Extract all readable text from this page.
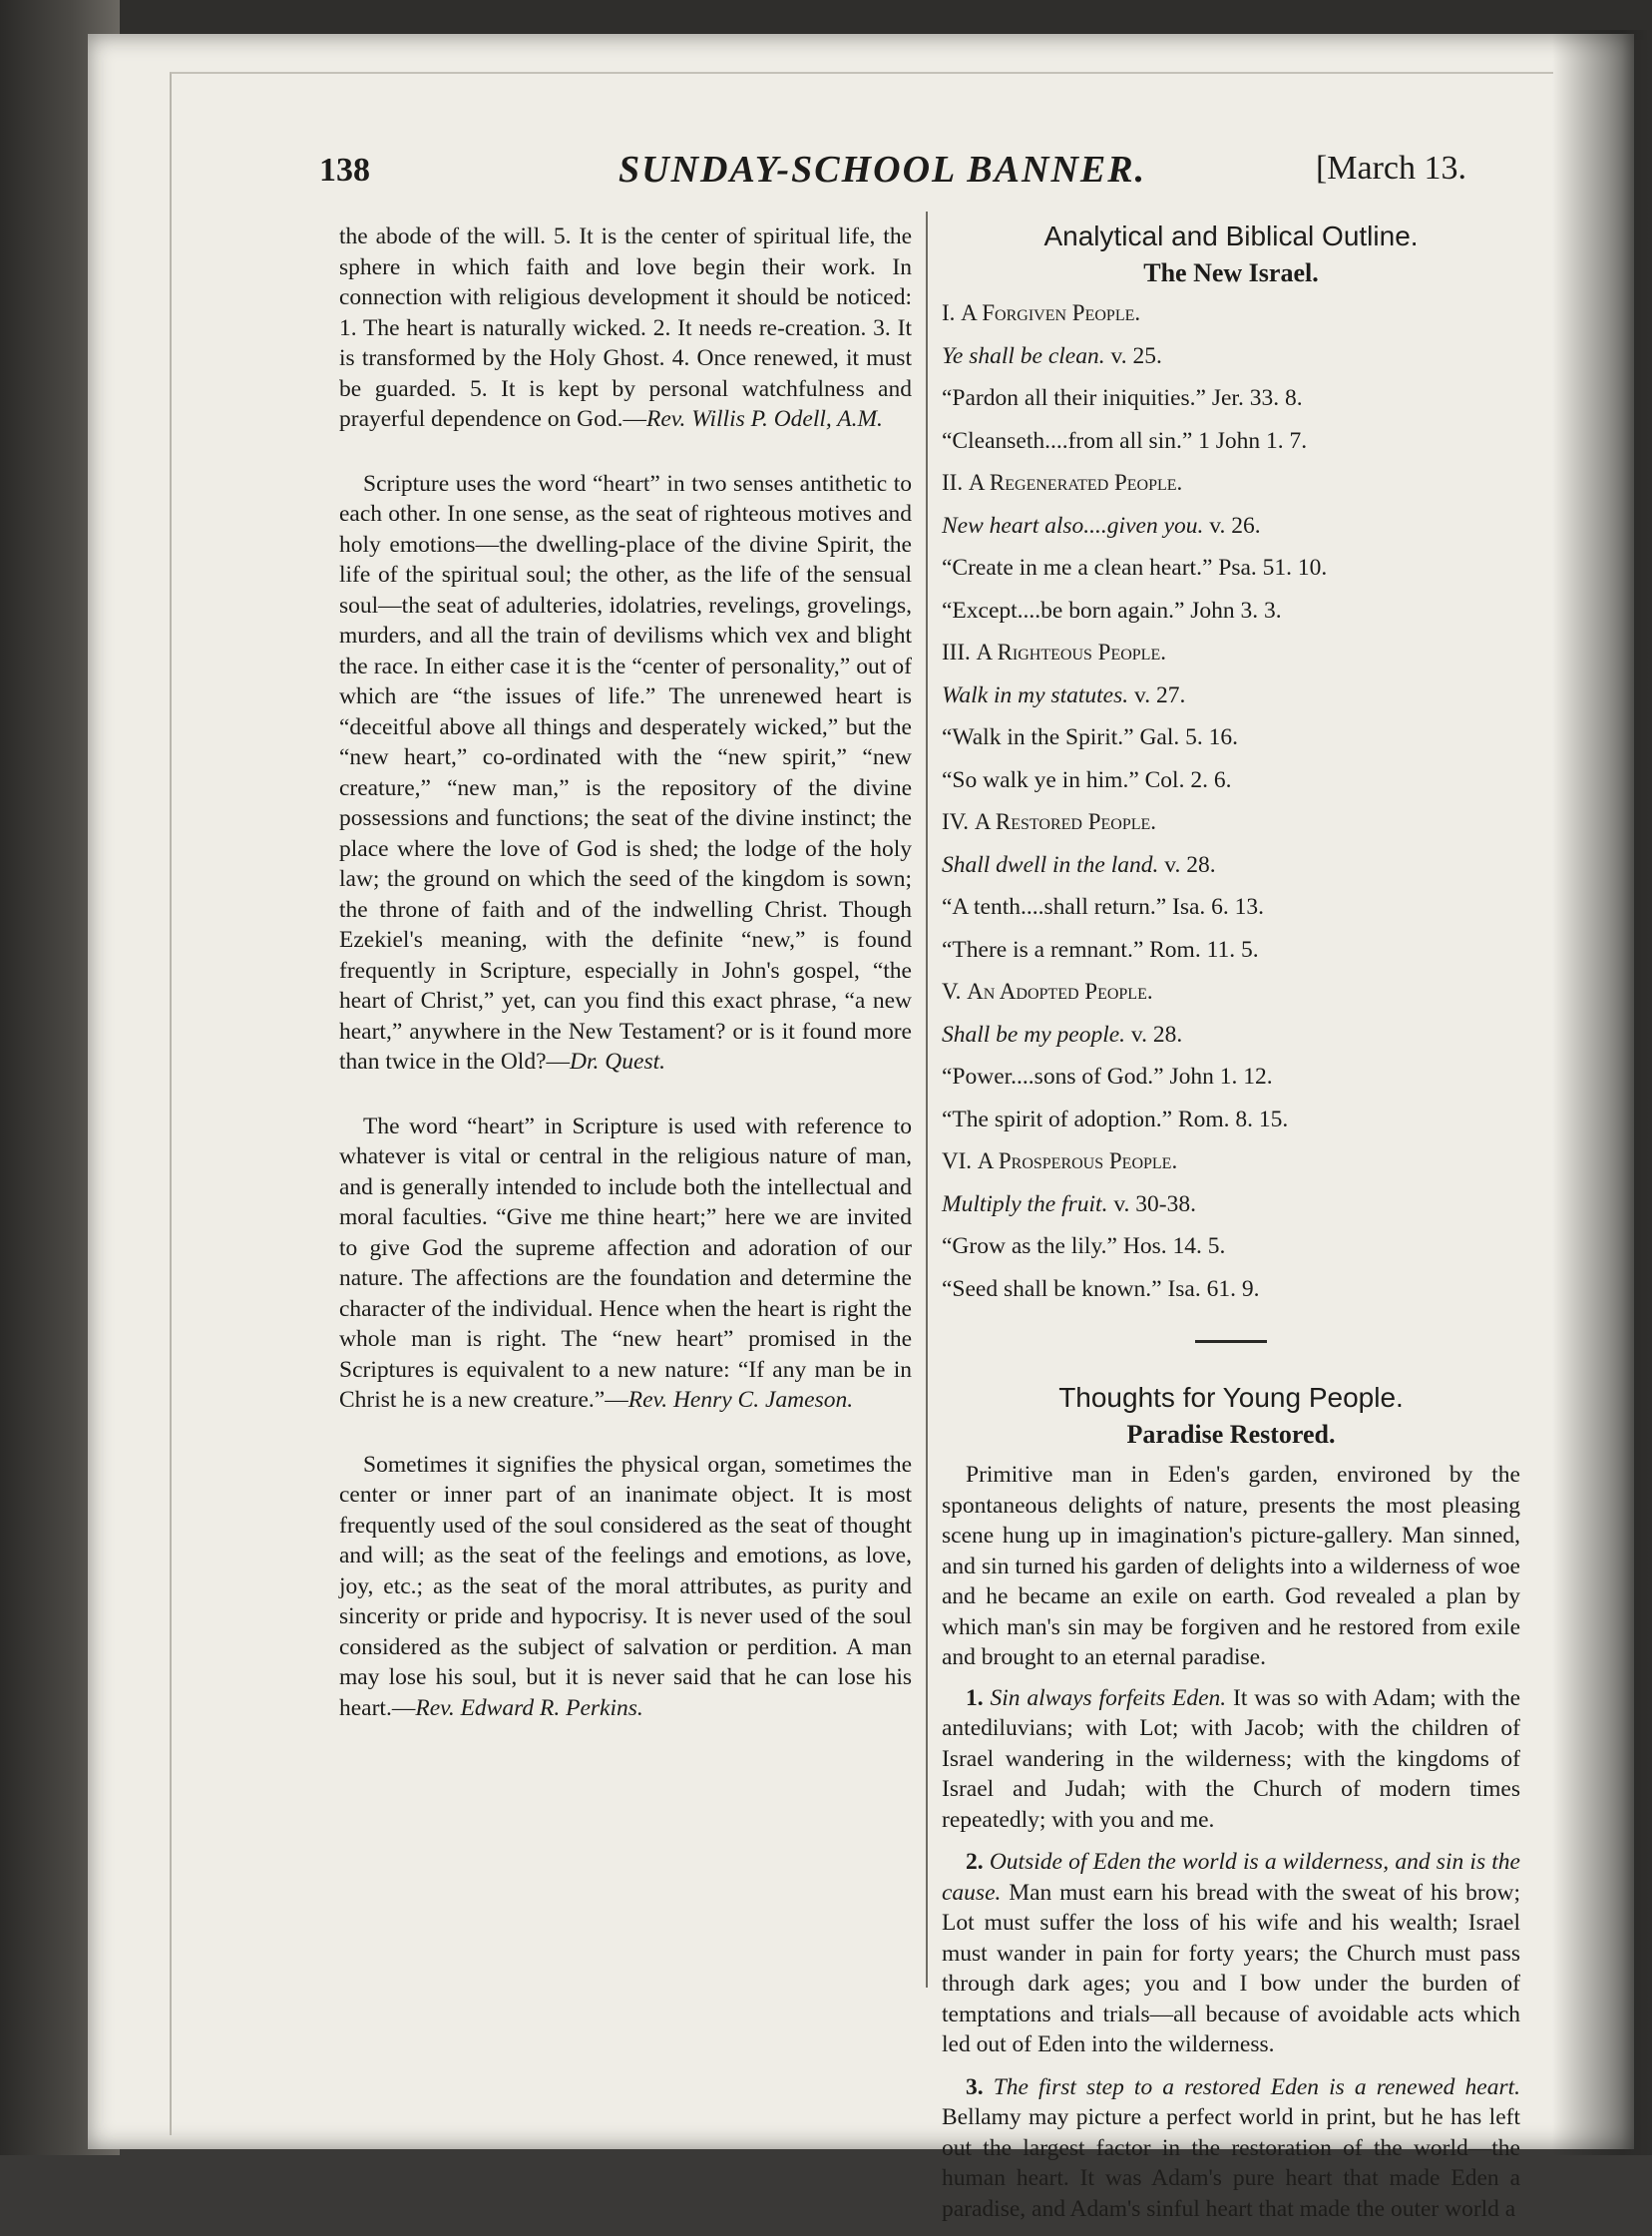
138	SUNDAY-SCHOOL BANNER.	[March 13.

the abode of the will. 5. It is the center of spiritual life, the sphere in which faith and love begin their work. In connection with religious development it should be noticed: 1. The heart is naturally wicked. 2. It needs re-creation. 3. It is transformed by the Holy Ghost. 4. Once renewed, it must be guarded. 5. It is kept by personal watchfulness and prayerful dependence on God.—Rev. Willis P. Odell, A.M.

Scripture uses the word “heart” in two senses antithetic to each other. In one sense, as the seat of righteous motives and holy emotions—the dwelling-place of the divine Spirit, the life of the spiritual soul; the other, as the life of the sensual soul—the seat of adulteries, idolatries, revelings, grovelings, murders, and all the train of devilisms which vex and blight the race. In either case it is the “center of personality,” out of which are “the issues of life.” The unrenewed heart is “deceitful above all things and desperately wicked,” but the “new heart,” co-ordinated with the “new spirit,” “new creature,” “new man,” is the repository of the divine possessions and functions; the seat of the divine instinct; the place where the love of God is shed; the lodge of the holy law; the ground on which the seed of the kingdom is sown; the throne of faith and of the indwelling Christ. Though Ezekiel's meaning, with the definite “new,” is found frequently in Scripture, especially in John's gospel, “the heart of Christ,” yet, can you find this exact phrase, “a new heart,” anywhere in the New Testament? or is it found more than twice in the Old?—Dr. Quest.

The word “heart” in Scripture is used with reference to whatever is vital or central in the religious nature of man, and is generally intended to include both the intellectual and moral faculties. “Give me thine heart;” here we are invited to give God the supreme affection and adoration of our nature. The affections are the foundation and determine the character of the individual. Hence when the heart is right the whole man is right. The “new heart” promised in the Scriptures is equivalent to a new nature: “If any man be in Christ he is a new creature.”—Rev. Henry C. Jameson.

Sometimes it signifies the physical organ, sometimes the center or inner part of an inanimate object. It is most frequently used of the soul considered as the seat of thought and will; as the seat of the feelings and emotions, as love, joy, etc.; as the seat of the moral attributes, as purity and sincerity or pride and hypocrisy. It is never used of the soul considered as the subject of salvation or perdition. A man may lose his soul, but it is never said that he can lose his heart.—Rev. Edward R. Perkins.

Analytical and Biblical Outline.
The New Israel.

I. A Forgiven People.

Ye shall be clean. v. 25.

“Pardon all their iniquities.” Jer. 33. 8.

“Cleanseth....from all sin.” 1 John 1. 7.

II. A Regenerated People.

New heart also....given you. v. 26.

“Create in me a clean heart.” Psa. 51. 10.

“Except....be born again.” John 3. 3.

III. A Righteous People.

Walk in my statutes. v. 27.

“Walk in the Spirit.” Gal. 5. 16.

“So walk ye in him.” Col. 2. 6.

IV. A Restored People.

Shall dwell in the land. v. 28.

“A tenth....shall return.” Isa. 6. 13.

“There is a remnant.” Rom. 11. 5.

V. An Adopted People.

Shall be my people. v. 28.

“Power....sons of God.” John 1. 12.

“The spirit of adoption.” Rom. 8. 15.

VI. A Prosperous People.

Multiply the fruit. v. 30-38.

“Grow as the lily.” Hos. 14. 5.

“Seed shall be known.” Isa. 61. 9.

Thoughts for Young People.
Paradise Restored.

Primitive man in Eden's garden, environed by the spontaneous delights of nature, presents the most pleasing scene hung up in imagination's picture-gallery. Man sinned, and sin turned his garden of delights into a wilderness of woe and he became an exile on earth. God revealed a plan by which man's sin may be forgiven and he restored from exile and brought to an eternal paradise.

1. Sin always forfeits Eden. It was so with Adam; with the antediluvians; with Lot; with Jacob; with the children of Israel wandering in the wilderness; with the kingdoms of Israel and Judah; with the Church of modern times repeatedly; with you and me.

2. Outside of Eden the world is a wilderness, and sin is the cause. Man must earn his bread with the sweat of his brow; Lot must suffer the loss of his wife and his wealth; Israel must wander in pain for forty years; the Church must pass through dark ages; you and I bow under the burden of temptations and trials—all because of avoidable acts which led out of Eden into the wilderness.

3. The first step to a restored Eden is a renewed heart. Bellamy may picture a perfect world in print, but he has left out the largest factor in the restoration of the world—the human heart. It was Adam's pure heart that made Eden a paradise, and Adam's sinful heart that made the outer world a
